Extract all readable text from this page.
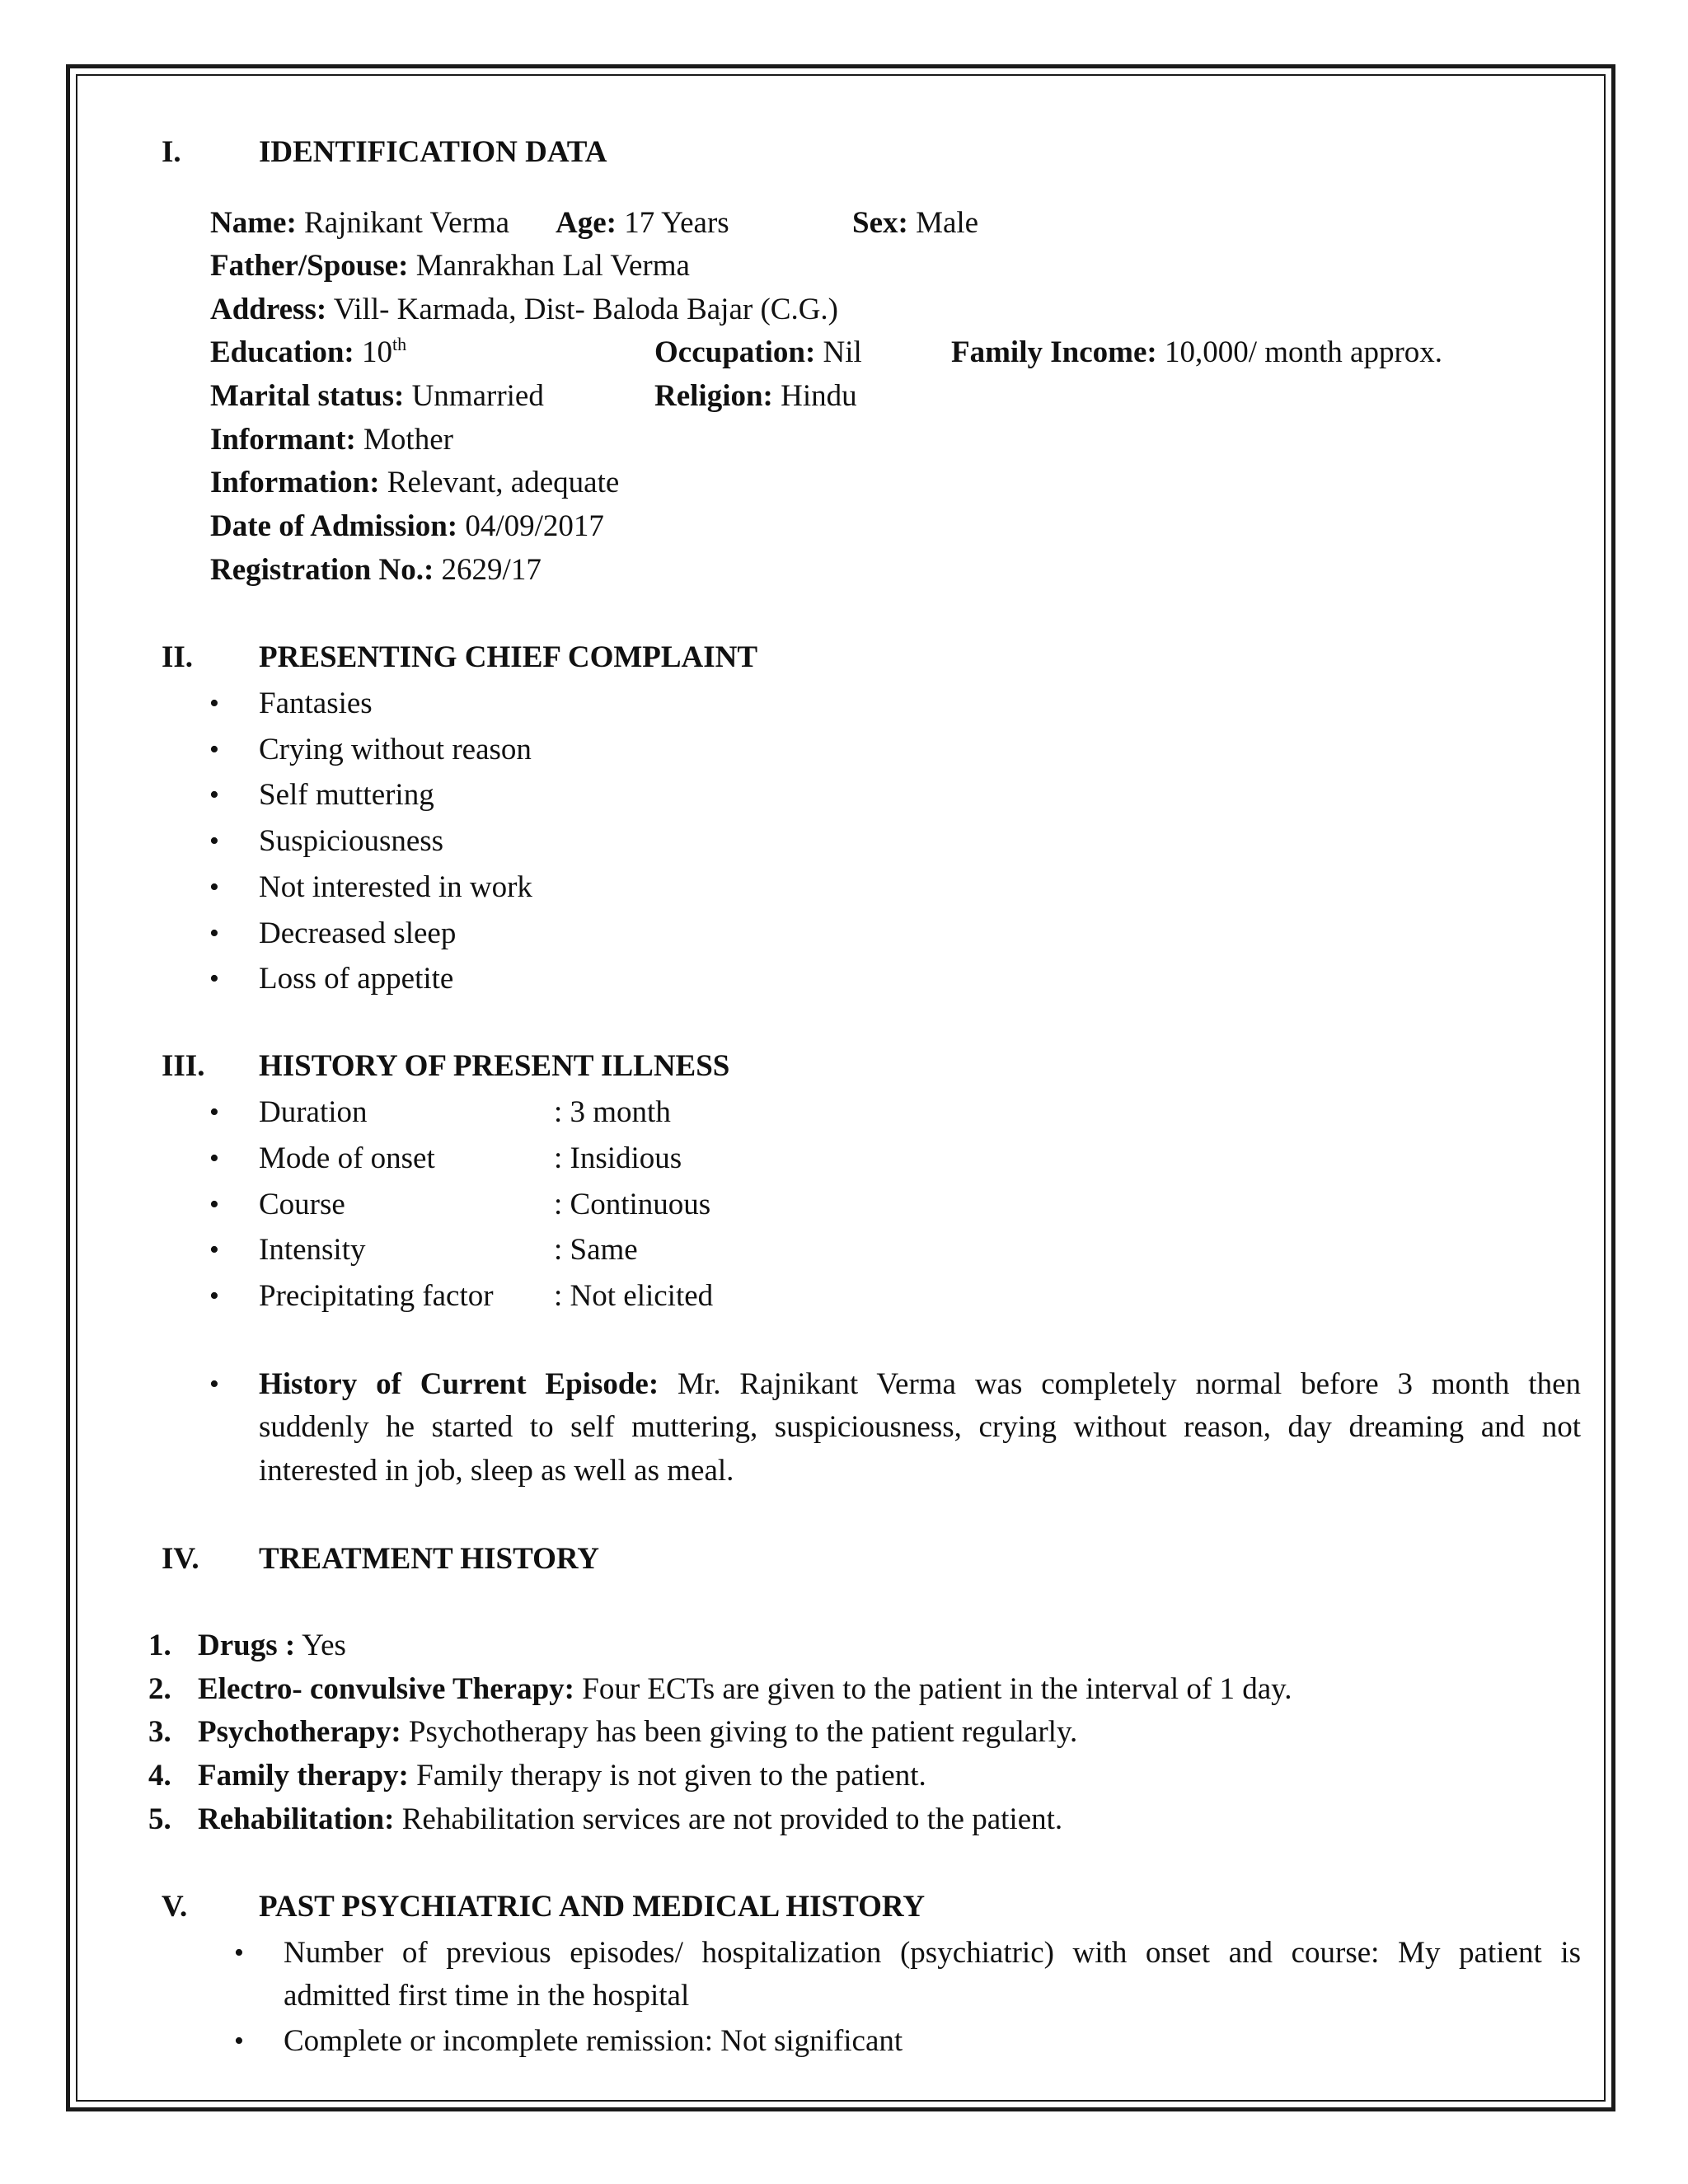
I.	IDENTIFICATION DATA
Name: Rajnikant Verma Age: 17 Years	Sex: Male
Father/Spouse: Manrakhan Lal Verma
Address: Vill- Karmada, Dist- Baloda Bajar (C.G.)
Education: 10th	Occupation: Nil	Family Income: 10,000/ month approx.
Marital status: Unmarried	Religion: Hindu
Informant: Mother
Information: Relevant, adequate
Date of Admission: 04/09/2017
Registration No.: 2629/17
II. PRESENTING CHIEF COMPLAINT
• Fantasies
• Crying without reason
• Self muttering
• Suspiciousness
• Not interested in work
• Decreased sleep
• Loss of appetite
III. HISTORY OF PRESENT ILLNESS
• Duration	: 3 month
• Mode of onset	: Insidious
• Course	: Continuous
• Intensity	: Same
• Precipitating factor : Not elicited
• History of Current Episode: Mr. Rajnikant Verma was completely normal before 3 month then
suddenly he started to self muttering, suspiciousness, crying without reason, day dreaming and not
interested in job, sleep as well as meal.
IV. TREATMENT HISTORY
1. Drugs : Yes
2. Electro- convulsive Therapy: Four ECTs are given to the patient in the interval of 1 day.
3. Psychotherapy: Psychotherapy has been giving to the patient regularly.
4. Family therapy: Family therapy is not given to the patient.
5. Rehabilitation: Rehabilitation services are not provided to the patient.
V. PAST PSYCHIATRIC AND MEDICAL HISTORY
• Number of previous episodes/ hospitalization (psychiatric) with onset and course: My patient is
admitted first time in the hospital
• Complete or incomplete remission: Not significant
